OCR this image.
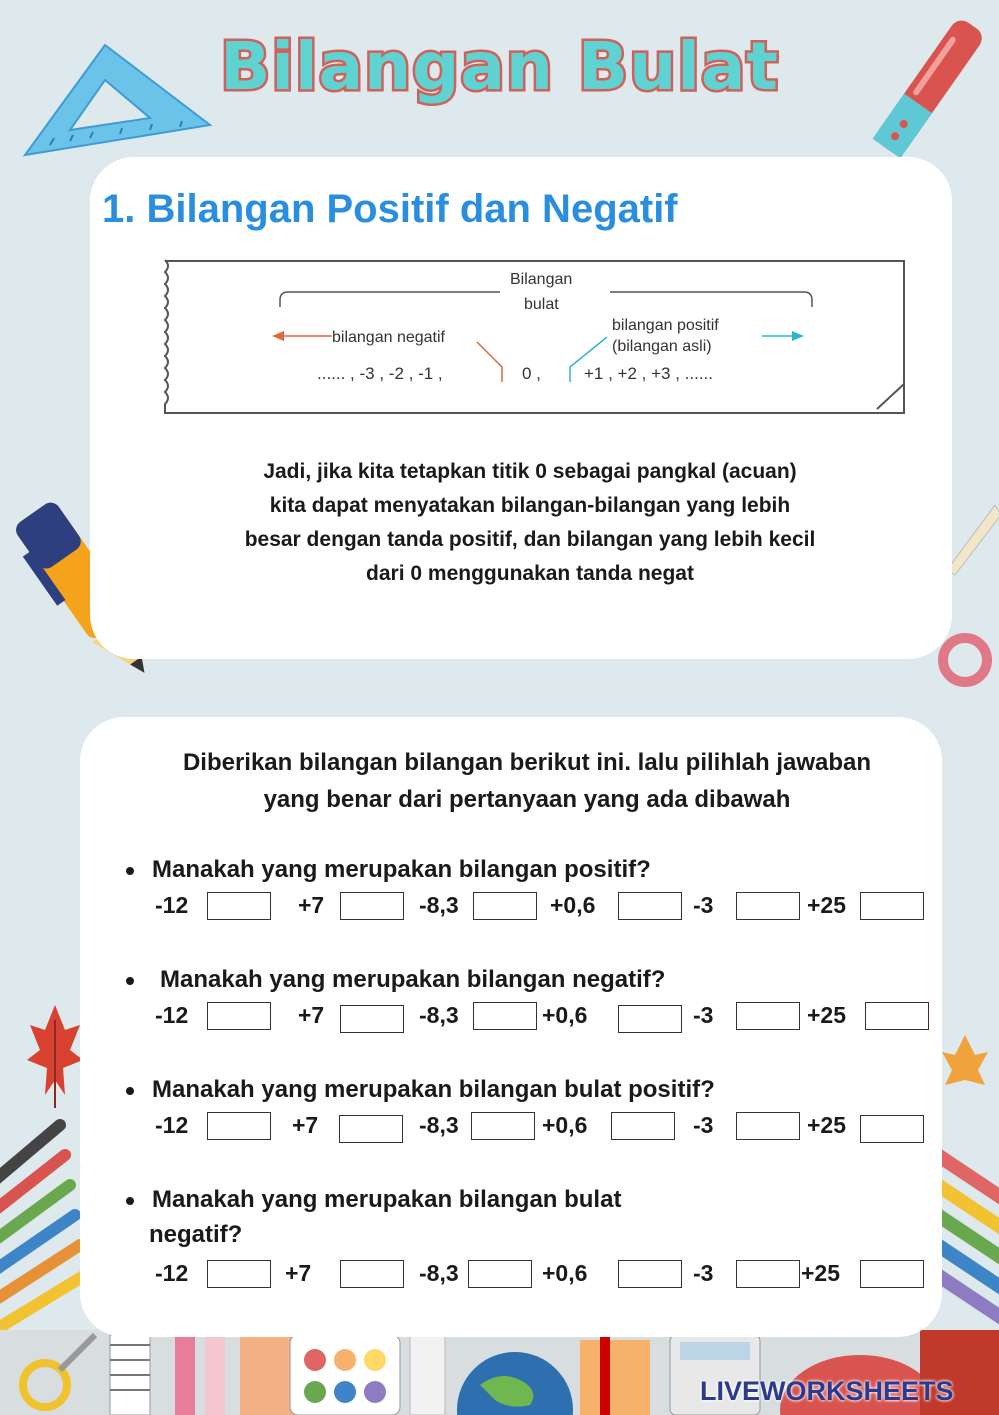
Bilangan Bulat
1. Bilangan Positif dan Negatif
Bilangan
bulat
bilangan negatif
bilangan positif
(bilangan asli)
...... , -3 , -2 , -1 ,	0 ,	+1 , +2 , +3 , ......
Jadi, jika kita tetapkan titik 0 sebagai pangkal (acuan)
kita dapat menyatakan bilangan-bilangan yang lebih
besar dengan tanda positif, dan bilangan yang lebih kecil
dari 0 menggunakan tanda negat
Diberikan bilangan bilangan berikut ini. lalu pilihlah jawaban
yang benar dari pertanyaan yang ada dibawah
Manakah yang merupakan bilangan positif?
-12	+7	-8,3	+0,6	-3	+25
Manakah yang merupakan bilangan negatif?
-12	+7	-8,3	+0,6	-3	+25
Manakah yang merupakan bilangan bulat positif?
-12	+7	-8,3	+0,6	-3	+25
Manakah yang merupakan bilangan bulat
negatif?
-12	+7	-8,3	+0,6	-3	+25
LIVEWORKSHEETS
